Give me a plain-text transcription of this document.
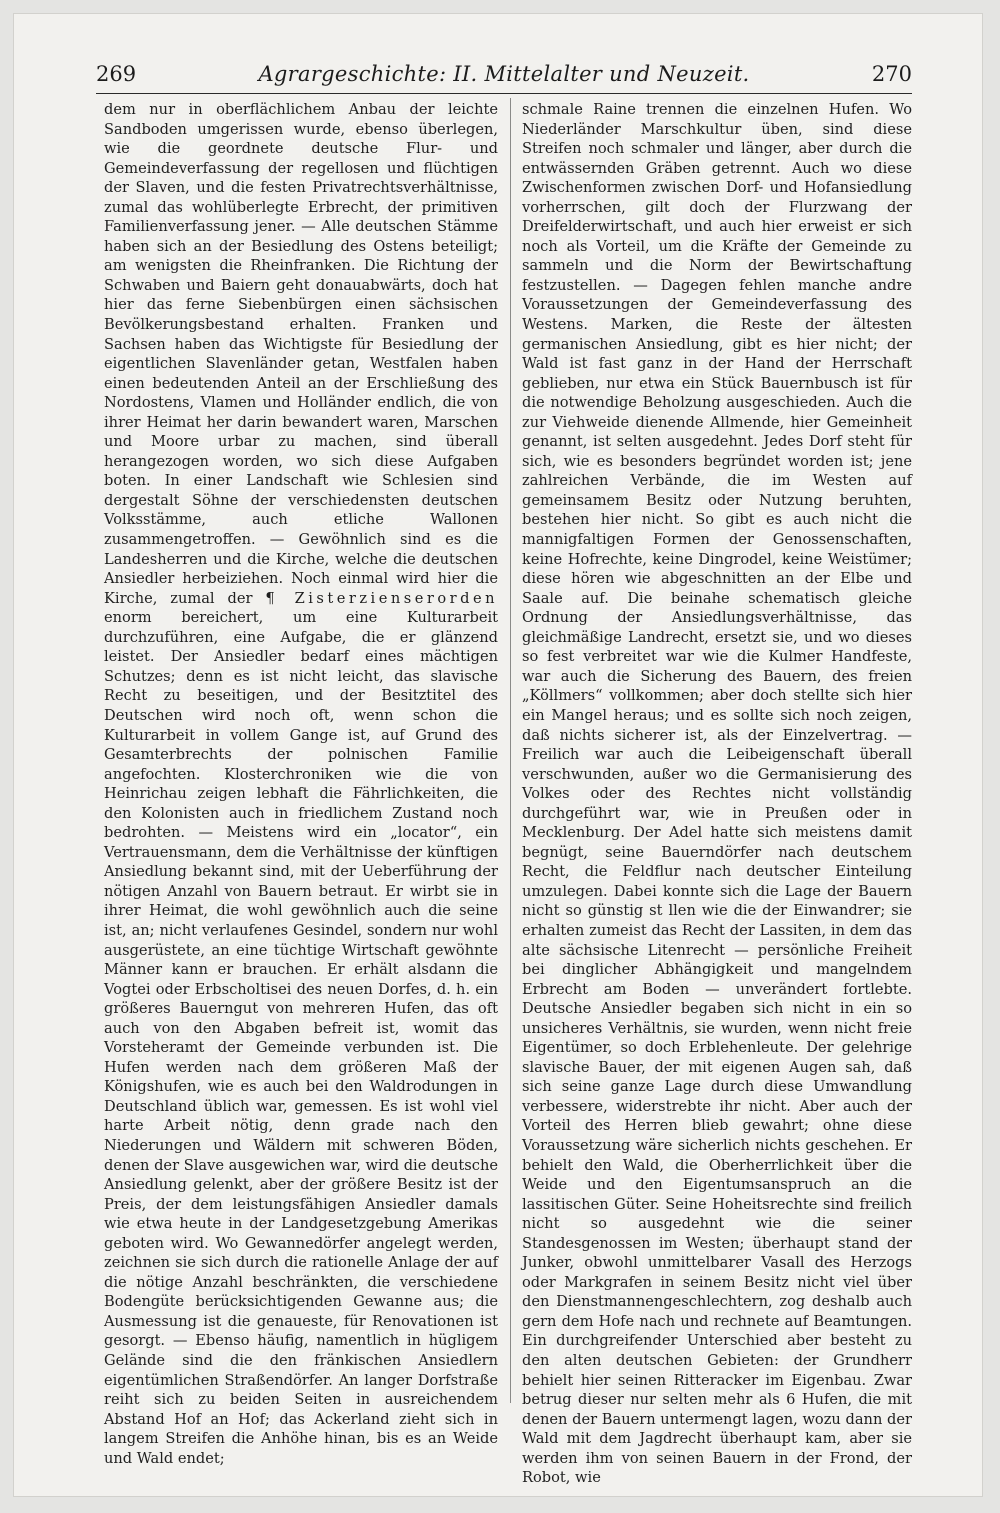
269	Agrargeschichte: II. Mittelalter und Neuzeit.	270

dem nur in oberflächlichem Anbau der leichte Sandboden umgerissen wurde, ebenso überlegen, wie die geordnete deutsche Flur- und Gemeindeverfassung der regellosen und flüchtigen der Slaven, und die festen Privatrechtsverhältnisse, zumal das wohlüberlegte Erbrecht, der primitiven Familienverfassung jener. — Alle deutschen Stämme haben sich an der Besiedlung des Ostens beteiligt; am wenigsten die Rheinfranken. Die Richtung der Schwaben und Baiern geht donauabwärts, doch hat hier das ferne Siebenbürgen einen sächsischen Bevölkerungsbestand erhalten. Franken und Sachsen haben das Wichtigste für Besiedlung der eigentlichen Slavenländer getan, Westfalen haben einen bedeutenden Anteil an der Erschließung des Nordostens, Vlamen und Holländer endlich, die von ihrer Heimat her darin bewandert waren, Marschen und Moore urbar zu machen, sind überall herangezogen worden, wo sich diese Aufgaben boten. In einer Landschaft wie Schlesien sind dergestalt Söhne der verschiedensten deutschen Volksstämme, auch etliche Wallonen zusammengetroffen. — Gewöhnlich sind es die Landesherren und die Kirche, welche die deutschen Ansiedler herbeiziehen. Noch einmal wird hier die Kirche, zumal der ¶ Zisterzienserorden enorm bereichert, um eine Kulturarbeit durchzuführen, eine Aufgabe, die er glänzend leistet. Der Ansiedler bedarf eines mächtigen Schutzes; denn es ist nicht leicht, das slavische Recht zu beseitigen, und der Besitztitel des Deutschen wird noch oft, wenn schon die Kulturarbeit in vollem Gange ist, auf Grund des Gesamterbrechts der polnischen Familie angefochten. Klosterchroniken wie die von Heinrichau zeigen lebhaft die Fährlichkeiten, die den Kolonisten auch in friedlichem Zustand noch bedrohten. — Meistens wird ein „locator“, ein Vertrauensmann, dem die Verhältnisse der künftigen Ansiedlung bekannt sind, mit der Ueberführung der nötigen Anzahl von Bauern betraut. Er wirbt sie in ihrer Heimat, die wohl gewöhnlich auch die seine ist, an; nicht verlaufenes Gesindel, sondern nur wohl ausgerüstete, an eine tüchtige Wirtschaft gewöhnte Männer kann er brauchen. Er erhält alsdann die Vogtei oder Erbscholtisei des neuen Dorfes, d. h. ein größeres Bauerngut von mehreren Hufen, das oft auch von den Abgaben befreit ist, womit das Vorsteheramt der Gemeinde verbunden ist. Die Hufen werden nach dem größeren Maß der Königshufen, wie es auch bei den Waldrodungen in Deutschland üblich war, gemessen. Es ist wohl viel harte Arbeit nötig, denn grade nach den Niederungen und Wäldern mit schweren Böden, denen der Slave ausgewichen war, wird die deutsche Ansiedlung gelenkt, aber der größere Besitz ist der Preis, der dem leistungsfähigen Ansiedler damals wie etwa heute in der Landgesetzgebung Amerikas geboten wird. Wo Gewannedörfer angelegt werden, zeichnen sie sich durch die rationelle Anlage der auf die nötige Anzahl beschränkten, die verschiedene Bodengüte berücksichtigenden Gewanne aus; die Ausmessung ist die genaueste, für Renovationen ist gesorgt. — Ebenso häufig, namentlich in hügligem Gelände sind die den fränkischen Ansiedlern eigentümlichen Straßendörfer. An langer Dorfstraße reiht sich zu beiden Seiten in ausreichendem Abstand Hof an Hof; das Ackerland zieht sich in langem Streifen die Anhöhe hinan, bis es an Weide und Wald endet;

schmale Raine trennen die einzelnen Hufen. Wo Niederländer Marschkultur üben, sind diese Streifen noch schmaler und länger, aber durch die entwässernden Gräben getrennt. Auch wo diese Zwischenformen zwischen Dorf- und Hofansiedlung vorherrschen, gilt doch der Flurzwang der Dreifelderwirtschaft, und auch hier erweist er sich noch als Vorteil, um die Kräfte der Gemeinde zu sammeln und die Norm der Bewirtschaftung festzustellen. — Dagegen fehlen manche andre Voraussetzungen der Gemeindeverfassung des Westens. Marken, die Reste der ältesten germanischen Ansiedlung, gibt es hier nicht; der Wald ist fast ganz in der Hand der Herrschaft geblieben, nur etwa ein Stück Bauernbusch ist für die notwendige Beholzung ausgeschieden. Auch die zur Viehweide dienende Allmende, hier Gemeinheit genannt, ist selten ausgedehnt. Jedes Dorf steht für sich, wie es besonders begründet worden ist; jene zahlreichen Verbände, die im Westen auf gemeinsamem Besitz oder Nutzung beruhten, bestehen hier nicht. So gibt es auch nicht die mannigfaltigen Formen der Genossenschaften, keine Hofrechte, keine Dingrodel, keine Weistümer; diese hören wie abgeschnitten an der Elbe und Saale auf. Die beinahe schematisch gleiche Ordnung der Ansiedlungsverhältnisse, das gleichmäßige Landrecht, ersetzt sie, und wo dieses so fest verbreitet war wie die Kulmer Handfeste, war auch die Sicherung des Bauern, des freien „Köllmers“ vollkommen; aber doch stellte sich hier ein Mangel heraus; und es sollte sich noch zeigen, daß nichts sicherer ist, als der Einzelvertrag. — Freilich war auch die Leibeigenschaft überall verschwunden, außer wo die Germanisierung des Volkes oder des Rechtes nicht vollständig durchgeführt war, wie in Preußen oder in Mecklenburg. Der Adel hatte sich meistens damit begnügt, seine Bauerndörfer nach deutschem Recht, die Feldflur nach deutscher Einteilung umzulegen. Dabei konnte sich die Lage der Bauern nicht so günstig st llen wie die der Einwandrer; sie erhalten zumeist das Recht der Lassiten, in dem das alte sächsische Litenrecht — persönliche Freiheit bei dinglicher Abhängigkeit und mangelndem Erbrecht am Boden — unverändert fortlebte. Deutsche Ansiedler begaben sich nicht in ein so unsicheres Verhältnis, sie wurden, wenn nicht freie Eigentümer, so doch Erblehenleute. Der gelehrige slavische Bauer, der mit eigenen Augen sah, daß sich seine ganze Lage durch diese Umwandlung verbessere, widerstrebte ihr nicht. Aber auch der Vorteil des Herren blieb gewahrt; ohne diese Voraussetzung wäre sicherlich nichts geschehen. Er behielt den Wald, die Oberherrlichkeit über die Weide und den Eigentumsanspruch an die lassitischen Güter. Seine Hoheitsrechte sind freilich nicht so ausgedehnt wie die seiner Standesgenossen im Westen; überhaupt stand der Junker, obwohl unmittelbarer Vasall des Herzogs oder Markgrafen in seinem Besitz nicht viel über den Dienstmannengeschlechtern, zog deshalb auch gern dem Hofe nach und rechnete auf Beamtungen. Ein durchgreifender Unterschied aber besteht zu den alten deutschen Gebieten: der Grundherr behielt hier seinen Ritteracker im Eigenbau. Zwar betrug dieser nur selten mehr als 6 Hufen, die mit denen der Bauern untermengt lagen, wozu dann der Wald mit dem Jagdrecht überhaupt kam, aber sie werden ihm von seinen Bauern in der Frond, der Robot, wie
